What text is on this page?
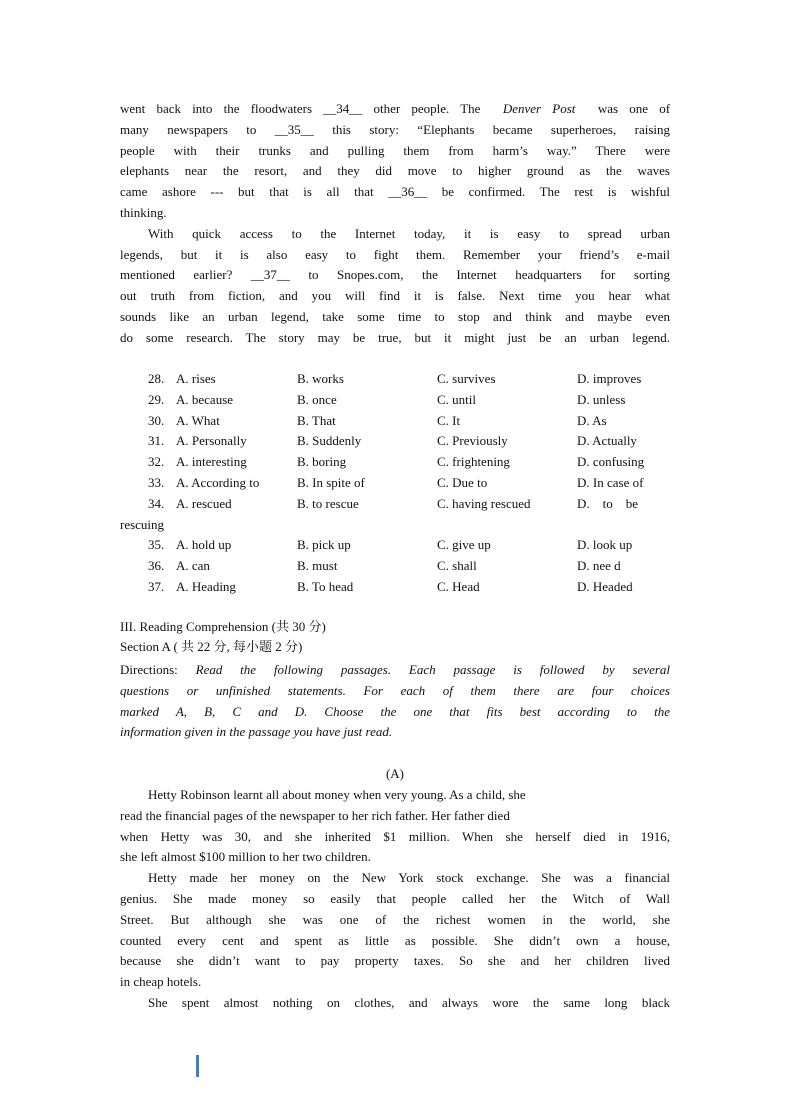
went back into the floodwaters __34__ other people. The  Denver Post  was one of
many newspapers to __35__ this story: “Elephants became superheroes, raising
people with their trunks and pulling them from harm’s way.” There were
elephants near the resort, and they did move to higher ground as the waves
came ashore --- but that is all that __36__ be confirmed. The rest is wishful
thinking.
With quick access to the Internet today, it is easy to spread urban
legends, but it is also easy to fight them. Remember your friend’s e-mail
mentioned earlier? __37__ to Snopes.com, the Internet headquarters for sorting
out truth from fiction, and you will find it is false. Next time you hear what
sounds like an urban legend, take some time to stop and think and maybe even
do some research. The story may be true, but it might just be an urban legend.
28. A. rises	B. works	C. survives	D. improves
29. A. because	B. once	C. until	D. unless
30. A. What	B. That	C. It	D. As
31. A. Personally	B. Suddenly	C. Previously	D. Actually
32. A. interesting	B. boring	C. frightening	D. confusing
33. A. According to	B. In spite of	C. Due to	D. In case of
34. A. rescued	B. to rescue	C. having rescued	D.    to    be
rescuing
35. A. hold up	B. pick up	C. give up	D. look up
36. A. can	B. must	C. shall	D. nee d
37. A. Heading	B. To head	C. Head	D. Headed
III. Reading Comprehension (共 30 分)
Section A ( 共 22 分, 每小题 2 分)
Directions: Read the following passages. Each passage is followed by several
questions or unfinished statements. For each of them there are four choices
marked A, B, C and D. Choose the one that fits best according to the
information given in the passage you have just read.
(A)
Hetty Robinson learnt all about money when very young. As a child, she
read the financial pages of the newspaper to her rich father. Her father died
when Hetty was 30, and she inherited $1 million. When she herself died in 1916,
she left almost $100 million to her two children.
Hetty made her money on the New York stock exchange. She was a financial
genius. She made money so easily that people called her the Witch of Wall
Street. But although she was one of the richest women in the world, she
counted every cent and spent as little as possible. She didn’t own a house,
because she didn’t want to pay property taxes. So she and her children lived
in cheap hotels.
She spent almost nothing on clothes, and always wore the same long black
